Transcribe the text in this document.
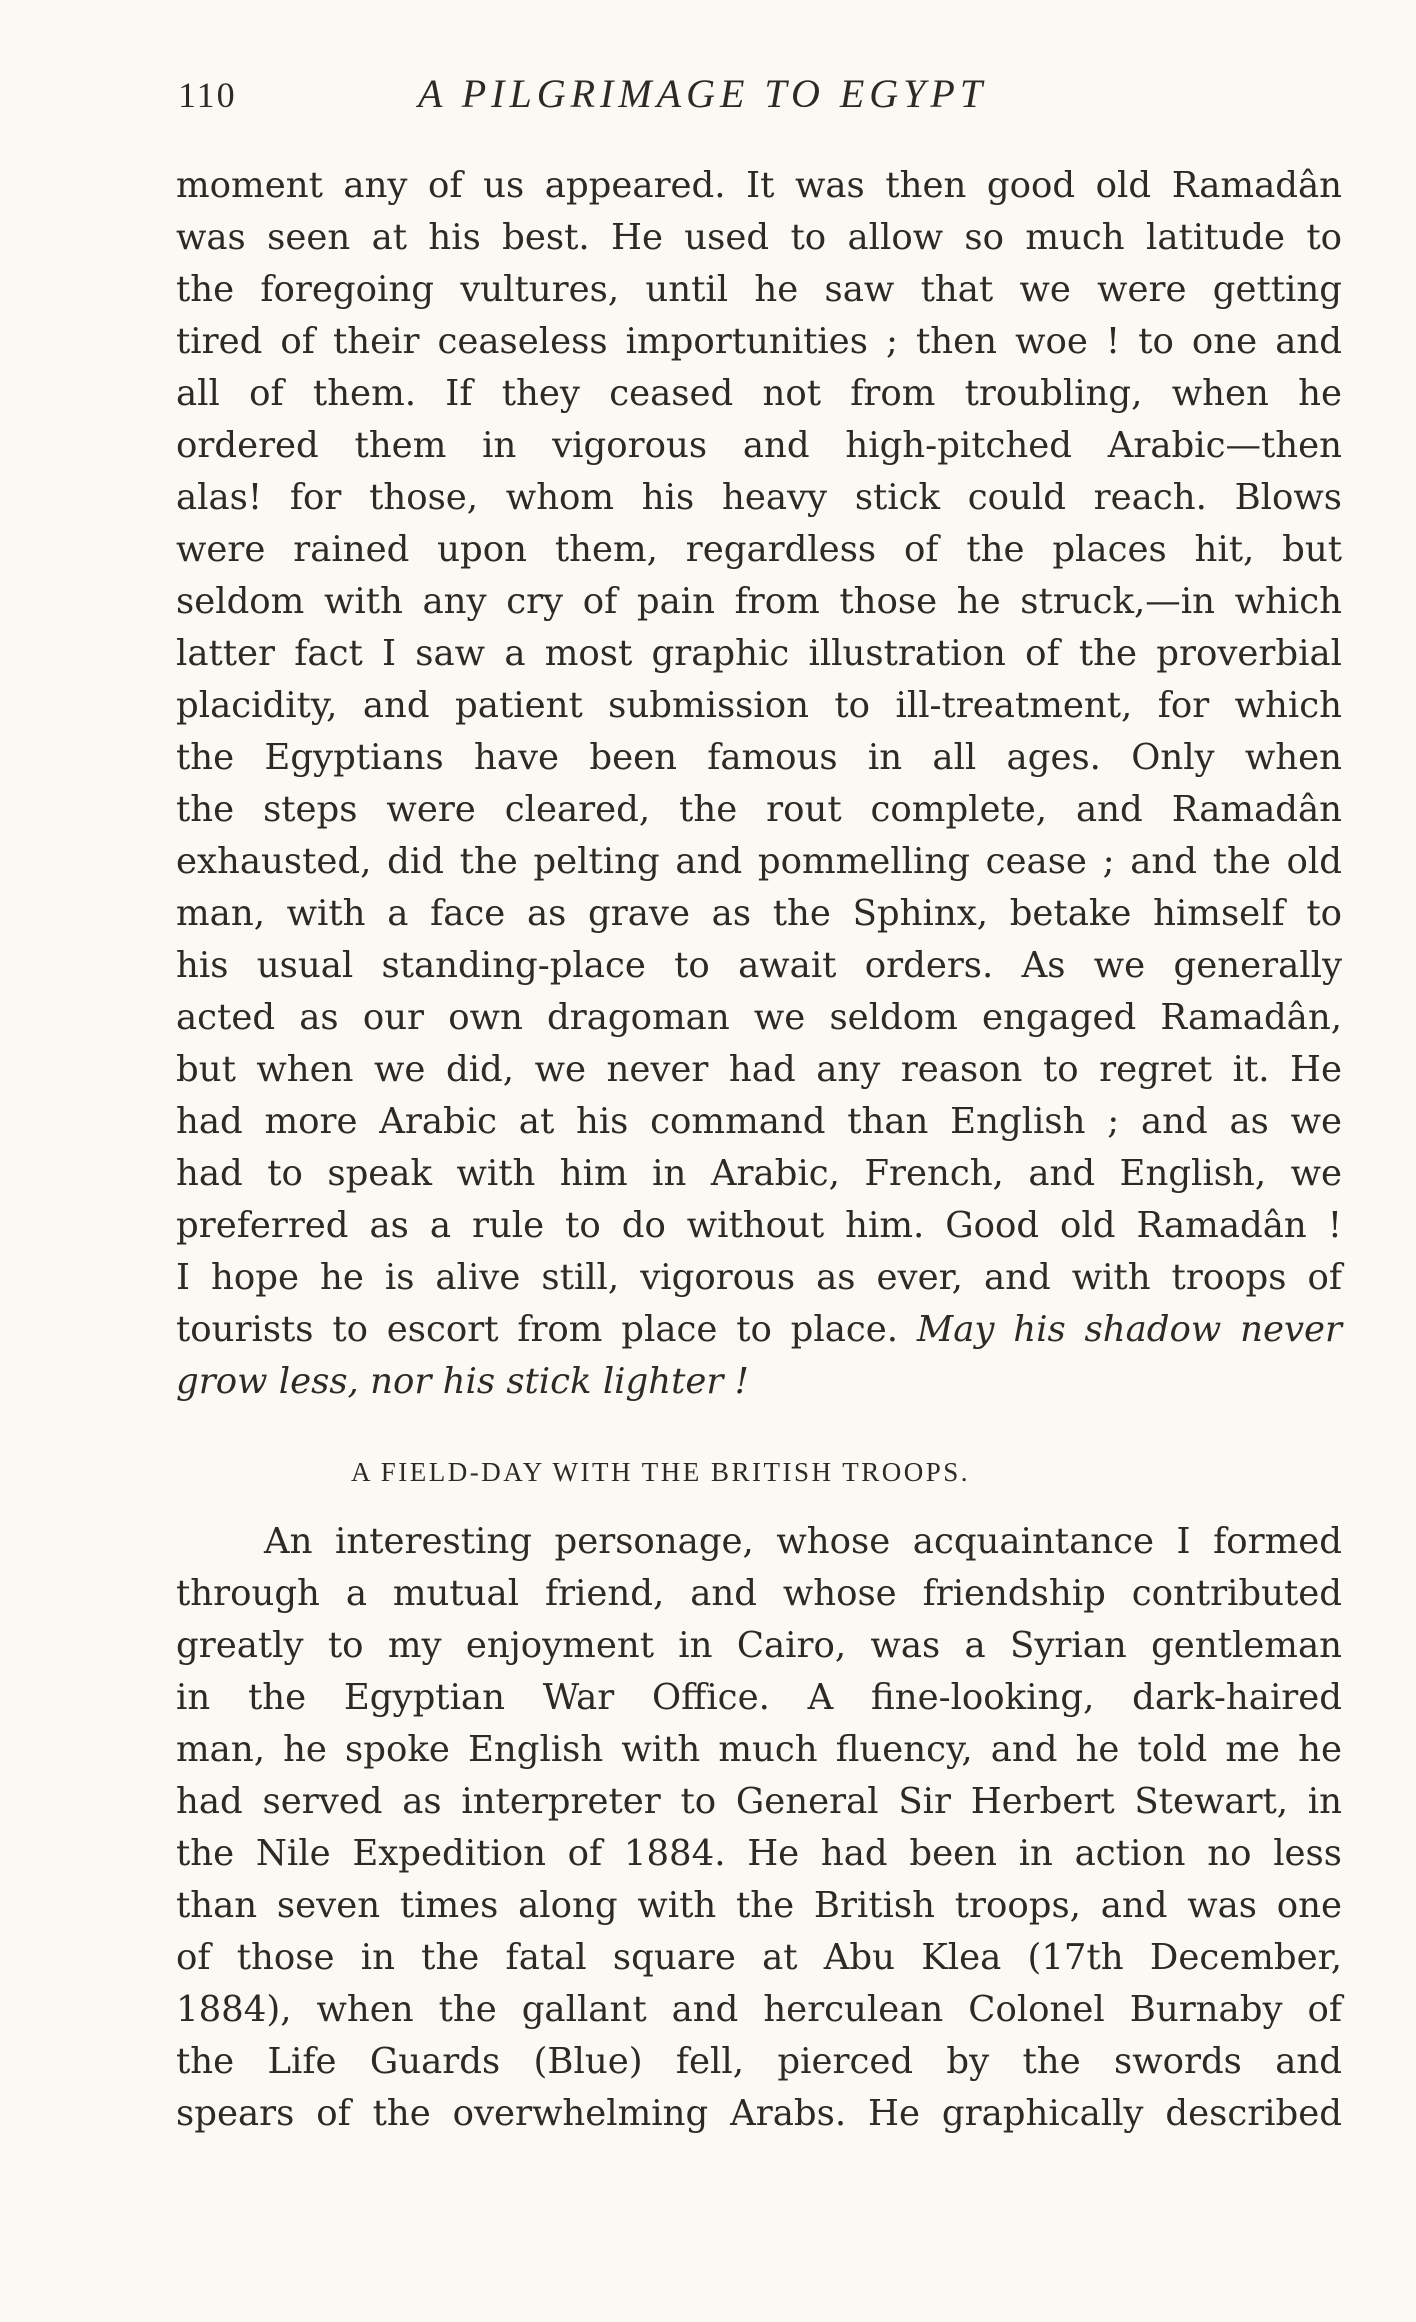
110	A PILGRIMAGE TO EGYPT
moment any of us appeared. It was then good old Ramadân
was seen at his best. He used to allow so much latitude to
the foregoing vultures, until he saw that we were getting
tired of their ceaseless importunities ; then woe ! to one and
all of them. If they ceased not from troubling, when he
ordered them in vigorous and high-pitched Arabic—then
alas! for those, whom his heavy stick could reach. Blows
were rained upon them, regardless of the places hit, but
seldom with any cry of pain from those he struck,—in which
latter fact I saw a most graphic illustration of the proverbial
placidity, and patient submission to ill-treatment, for which
the Egyptians have been famous in all ages. Only when
the steps were cleared, the rout complete, and Ramadân
exhausted, did the pelting and pommelling cease ; and the old
man, with a face as grave as the Sphinx, betake himself to
his usual standing-place to await orders. As we generally
acted as our own dragoman we seldom engaged Ramadân,
but when we did, we never had any reason to regret it. He
had more Arabic at his command than English ; and as we
had to speak with him in Arabic, French, and English, we
preferred as a rule to do without him. Good old Ramadân !
I hope he is alive still, vigorous as ever, and with troops of
tourists to escort from place to place. May his shadow never
grow less, nor his stick lighter !
A FIELD-DAY WITH THE BRITISH TROOPS.
An interesting personage, whose acquaintance I formed
through a mutual friend, and whose friendship contributed
greatly to my enjoyment in Cairo, was a Syrian gentleman
in the Egyptian War Office. A fine-looking, dark-haired
man, he spoke English with much fluency, and he told me he
had served as interpreter to General Sir Herbert Stewart, in
the Nile Expedition of 1884. He had been in action no less
than seven times along with the British troops, and was one
of those in the fatal square at Abu Klea (17th December,
1884), when the gallant and herculean Colonel Burnaby of
the Life Guards (Blue) fell, pierced by the swords and
spears of the overwhelming Arabs. He graphically described
